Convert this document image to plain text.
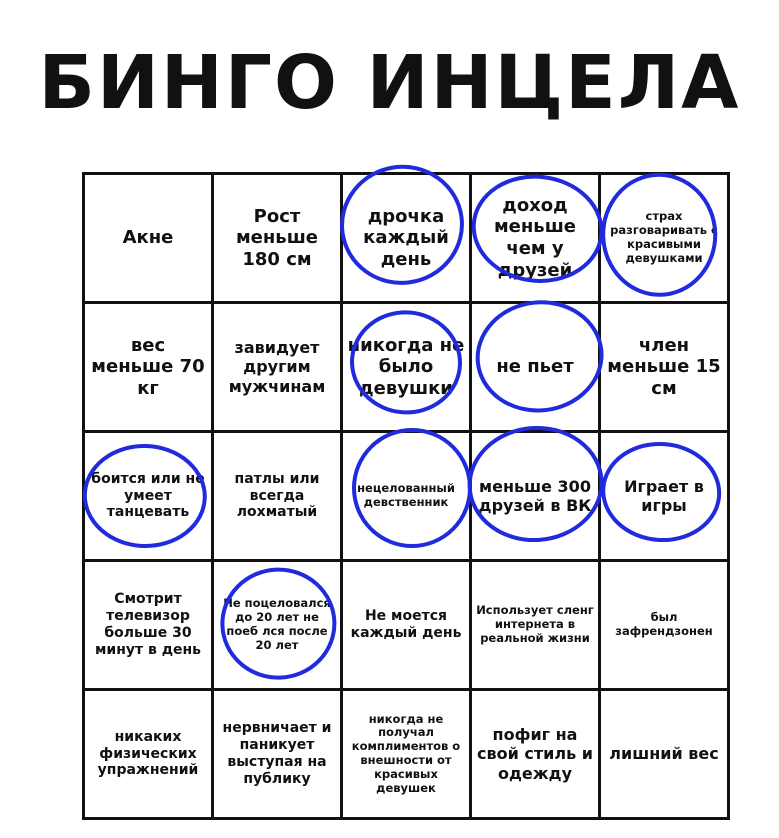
БИНГО ИНЦЕЛА
Акне
Рост меньше 180 см
дрочка каждый день
доход меньше чем у друзей
страх разговаривать с красивыми девушками
вес меньше 70 кг
завидует другим мужчинам
никогда не было девушки
не пьет
член меньше 15 см
боится или не умеет танцевать
патлы или всегда лохматый
нецелованный девственник
меньше 300 друзей в ВК
Играет в игры
Смотрит телевизор больше 30 минут в день
Не поцеловался до 20 лет не поеб лся после 20 лет
Не моется каждый день
Использует сленг интернета в реальной жизни
был зафрендзонен
никаких физических упражнений
нервничает и паникует выступая на публику
никогда не получал комплиментов о внешности от красивых девушек
пофиг на свой стиль и одежду
лишний вес
